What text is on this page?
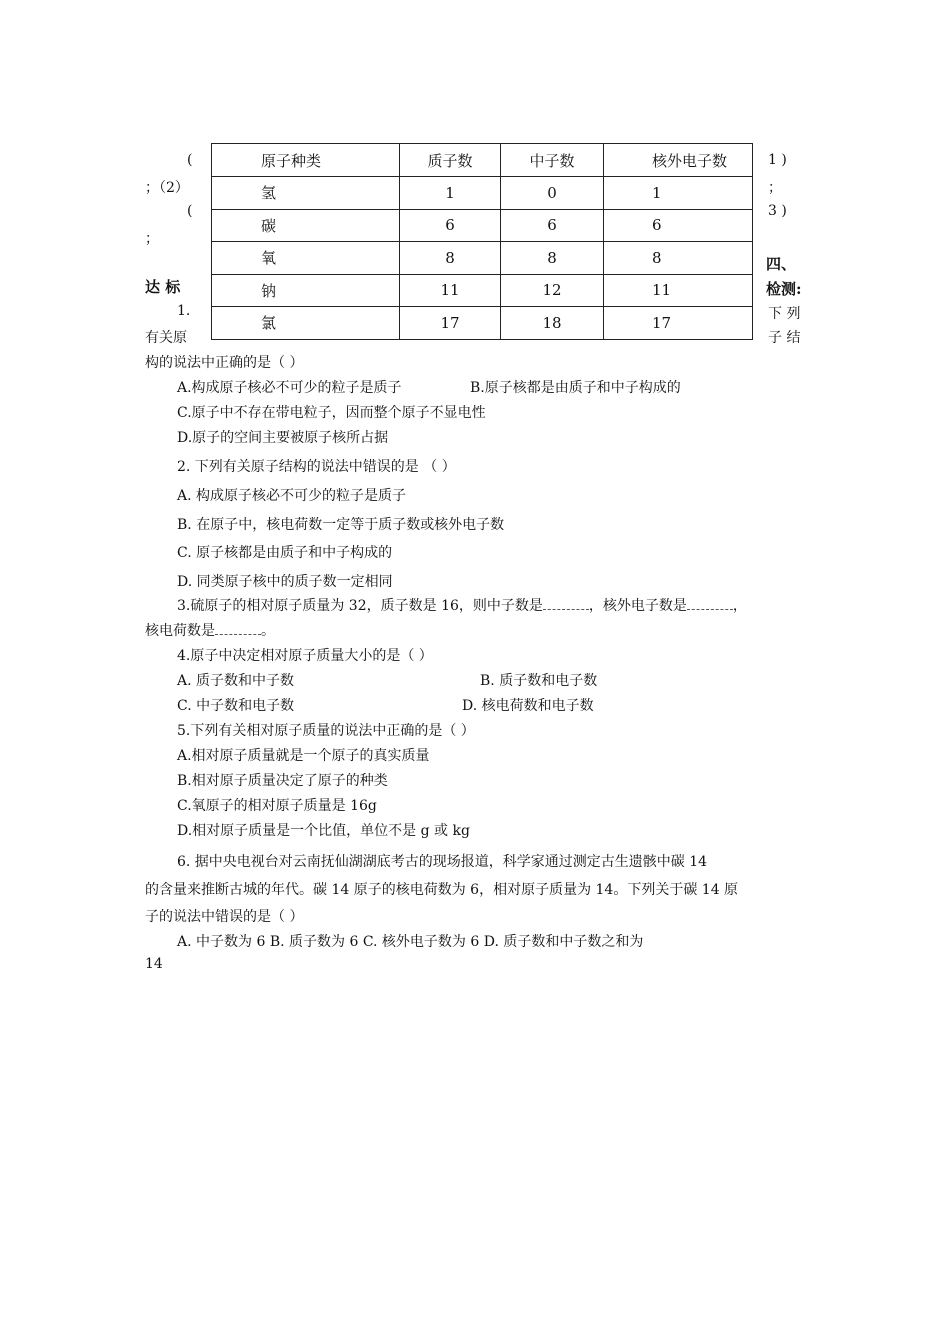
(
；（2）
(
；
达 标
1.
有关原
1 )
；
3 )
四、
检测:
下 列
子 结
原子种类	质子数	中子数	核外电子数
氢	1	0	1
碳	6	6	6
氧	8	8	8
钠	11	12	11
氯	17	18	17
构的说法中正确的是（ ）
A.构成原子核必不可少的粒子是质子	B.原子核都是由质子和中子构成的
C.原子中不存在带电粒子，因而整个原子不显电性
D.原子的空间主要被原子核所占据
2. 下列有关原子结构的说法中错误的是 （ ）
A. 构成原子核必不可少的粒子是质子
B. 在原子中，核电荷数一定等于质子数或核外电子数
C. 原子核都是由质子和中子构成的
D. 同类原子核中的质子数一定相同
3.硫原子的相对原子质量为 32，质子数是 16，则中子数是	，核外电子数是	，
核电荷数是	。
4.原子中决定相对原子质量大小的是（ ）
A. 质子数和中子数	B. 质子数和电子数
C. 中子数和电子数	D. 核电荷数和电子数
5.下列有关相对原子质量的说法中正确的是（ ）
A.相对原子质量就是一个原子的真实质量
B.相对原子质量决定了原子的种类
C.氧原子的相对原子质量是 16g
D.相对原子质量是一个比值，单位不是 g 或 kg
6. 据中央电视台对云南抚仙湖湖底考古的现场报道，科学家通过测定古生遗骸中碳 14
的含量来推断古城的年代。碳 14 原子的核电荷数为 6，相对原子质量为 14。下列关于碳 14 原
子的说法中错误的是（ ）
A. 中子数为 6 B. 质子数为 6 C. 核外电子数为 6 D. 质子数和中子数之和为
14
